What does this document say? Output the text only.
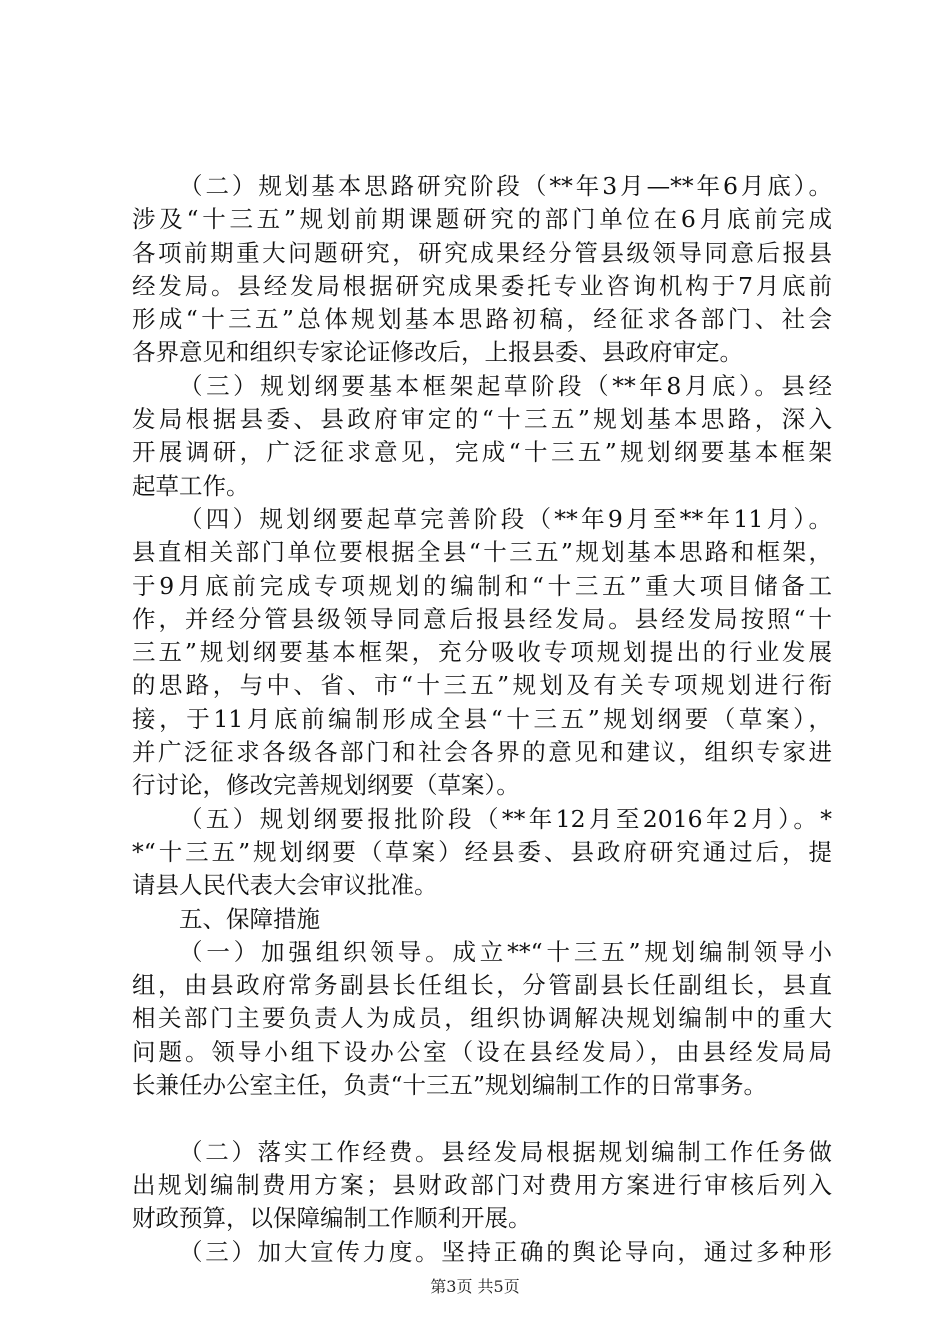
（二）规划基本思路研究阶段（**年3月—**年6月底）。
涉及“十三五”规划前期课题研究的部门单位在6月底前完成
各项前期重大问题研究，研究成果经分管县级领导同意后报县
经发局。县经发局根据研究成果委托专业咨询机构于7月底前
形成“十三五”总体规划基本思路初稿，经征求各部门、社会
各界意见和组织专家论证修改后，上报县委、县政府审定。
（三）规划纲要基本框架起草阶段（**年8月底）。县经
发局根据县委、县政府审定的“十三五”规划基本思路，深入
开展调研，广泛征求意见，完成“十三五”规划纲要基本框架
起草工作。
（四）规划纲要起草完善阶段（**年9月至**年11月）。
县直相关部门单位要根据全县“十三五”规划基本思路和框架，
于9月底前完成专项规划的编制和“十三五”重大项目储备工
作，并经分管县级领导同意后报县经发局。县经发局按照“十
三五”规划纲要基本框架，充分吸收专项规划提出的行业发展
的思路，与中、省、市“十三五”规划及有关专项规划进行衔
接，于11月底前编制形成全县“十三五”规划纲要（草案），
并广泛征求各级各部门和社会各界的意见和建议，组织专家进
行讨论，修改完善规划纲要（草案）。
（五）规划纲要报批阶段（**年12月至2016年2月）。*
*“十三五”规划纲要（草案）经县委、县政府研究通过后，提
请县人民代表大会审议批准。
五、保障措施
（一）加强组织领导。成立**“十三五”规划编制领导小
组，由县政府常务副县长任组长，分管副县长任副组长，县直
相关部门主要负责人为成员，组织协调解决规划编制中的重大
问题。领导小组下设办公室（设在县经发局），由县经发局局
长兼任办公室主任，负责“十三五”规划编制工作的日常事务。
（二）落实工作经费。县经发局根据规划编制工作任务做
出规划编制费用方案；县财政部门对费用方案进行审核后列入
财政预算，以保障编制工作顺利开展。
（三）加大宣传力度。坚持正确的舆论导向，通过多种形
第3页 共5页
